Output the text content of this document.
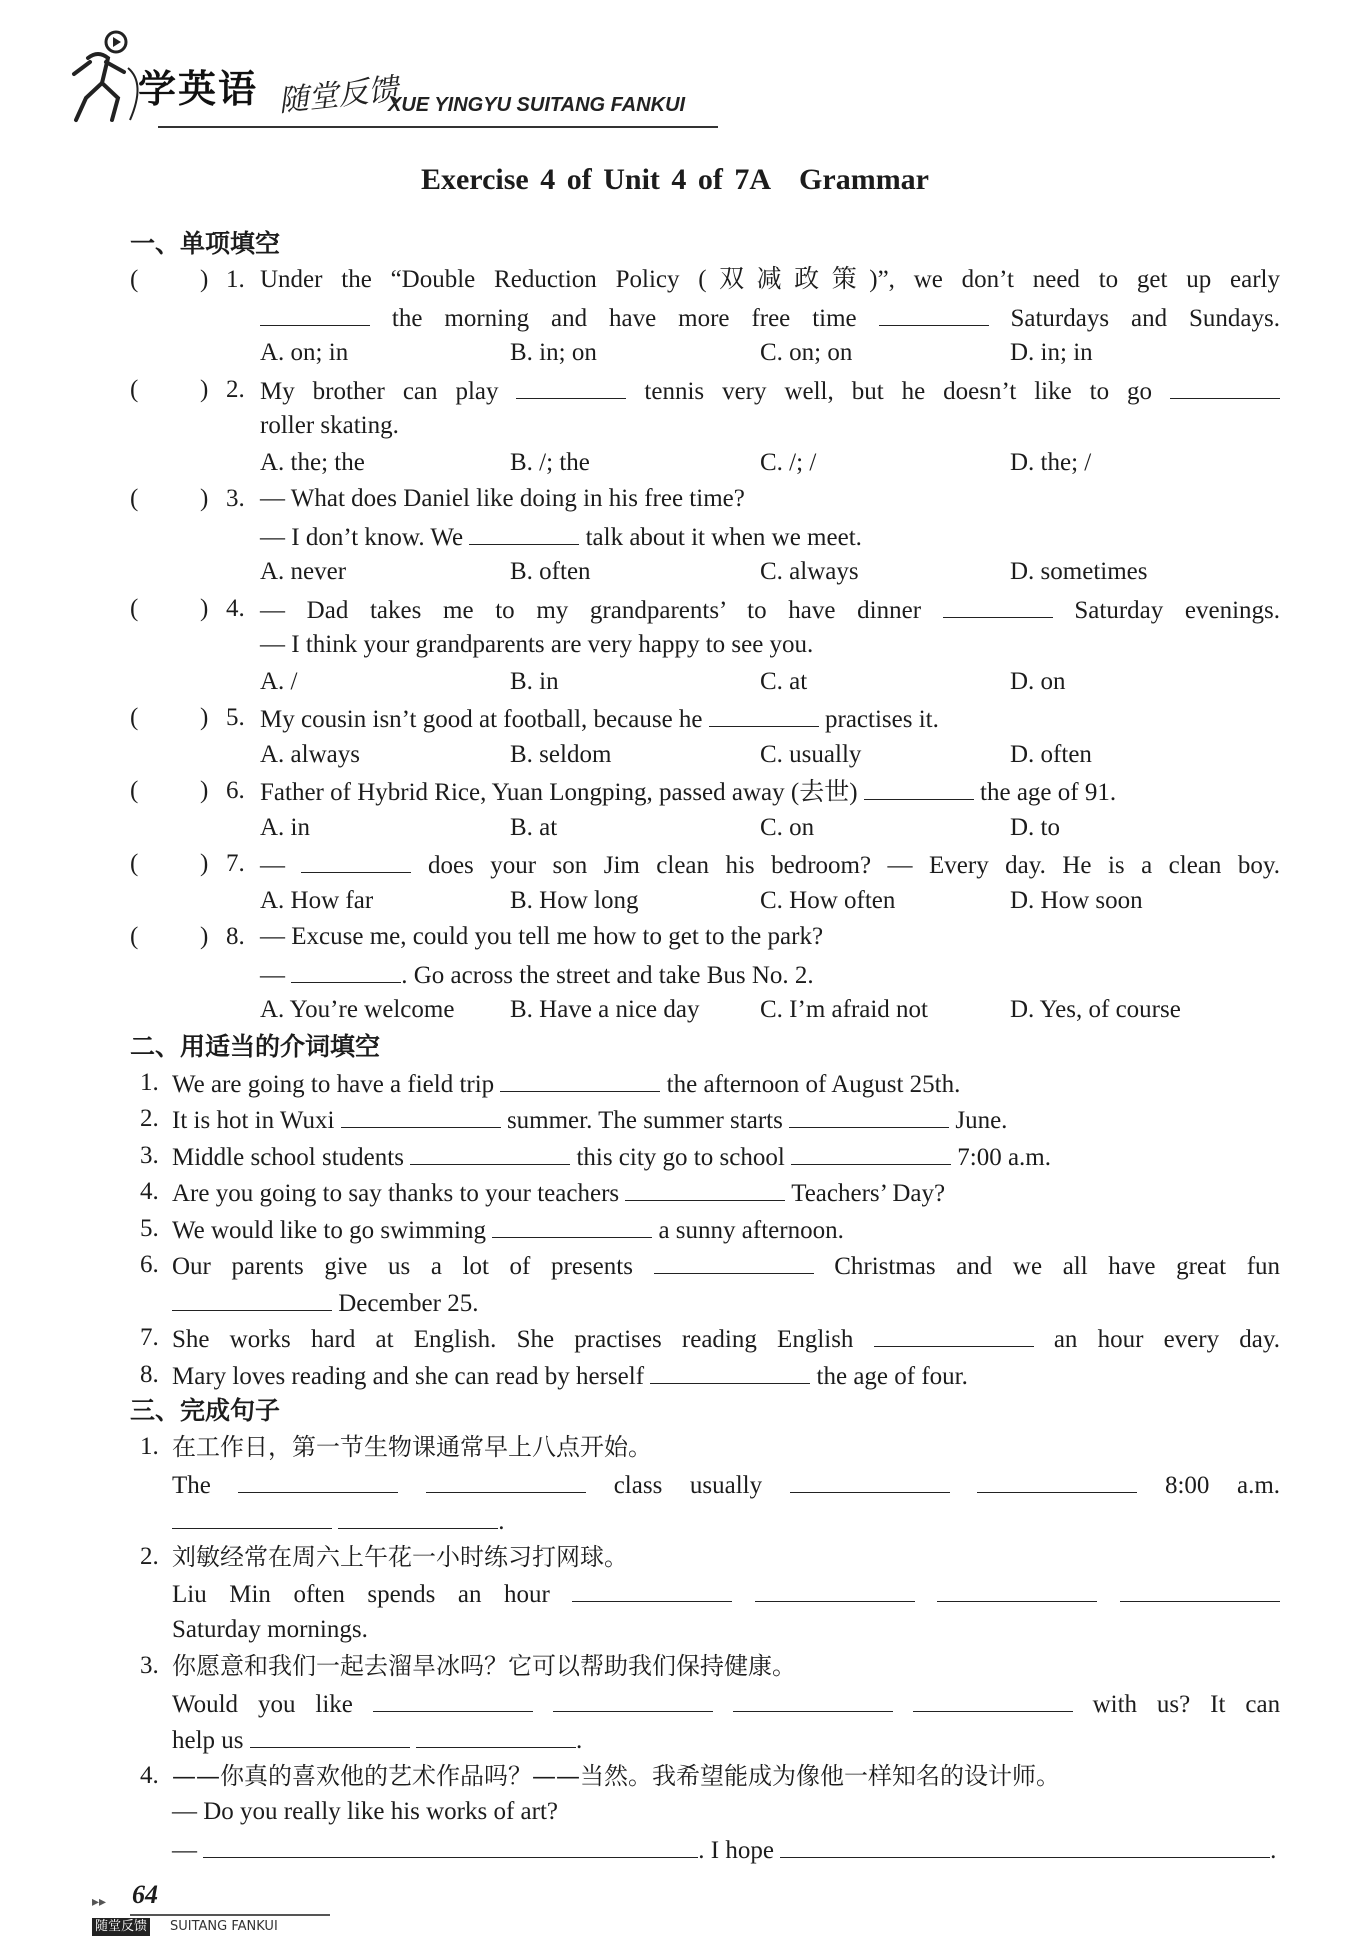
学英语 随堂反馈
XUE YINGYU SUITANG FANKUI
Exercise 4 of Unit 4 of 7A Grammar
一、单项填空
( ) 1. Under the “Double Reduction Policy (双减政策)”, we don’t need to get up early
the morning and have more free time	Saturdays and Sundays.
A. on; in	B. in; on	C. on; on	D. in; in
( ) 2. My brother can play	tennis very well, but he doesn’t like to go
roller skating.
A. the; the	B. /; the	C. /; /	D. the; /
( ) 3. — What does Daniel like doing in his free time?
— I don’t know. We	talk about it when we meet.
A. never	B. often	C. always	D. sometimes
( ) 4. — Dad takes me to my grandparents’ to have dinner	Saturday evenings.
— I think your grandparents are very happy to see you.
A. /	B. in	C. at	D. on
( ) 5. My cousin isn’t good at football, because he	practises it.
A. always	B. seldom	C. usually	D. often
( ) 6. Father of Hybrid Rice, Yuan Longping, passed away (去世)	the age of 91.
A. in	B. at	C. on	D. to
( ) 7. —	does your son Jim clean his bedroom? — Every day. He is a clean boy.
A. How far	B. How long	C. How often	D. How soon
( ) 8. — Excuse me, could you tell me how to get to the park?
—	. Go across the street and take Bus No. 2.
A. You’re welcome B. Have a nice day C. I’m afraid not	D. Yes, of course
二、用适当的介词填空
1. We are going to have a field trip	the afternoon of August 25th.
2. It is hot in Wuxi	summer. The summer starts	June.
3. Middle school students	this city go to school	7:00 a.m.
4. Are you going to say thanks to your teachers	Teachers’ Day?
5. We would like to go swimming	a sunny afternoon.
6. Our parents give us a lot of presents	Christmas and we all have great fun
December 25.
7. She works hard at English. She practises reading English	an hour every day.
8. Mary loves reading and she can read by herself	the age of four.
三、完成句子
1. 在工作日，第一节生物课通常早上八点开始。
The	class usually	8:00 a.m.
.
2. 刘敏经常在周六上午花一小时练习打网球。
Liu Min often spends an hour
Saturday mornings.
3. 你愿意和我们一起去溜旱冰吗？它可以帮助我们保持健康。
Would you like	with us? It can
help us	.
4. ——你真的喜欢他的艺术作品吗？——当然。我希望能成为像他一样知名的设计师。
— Do you really like his works of art?
—	. I hope	.
▸▸ 64
随堂反馈 SUITANG FANKUI
